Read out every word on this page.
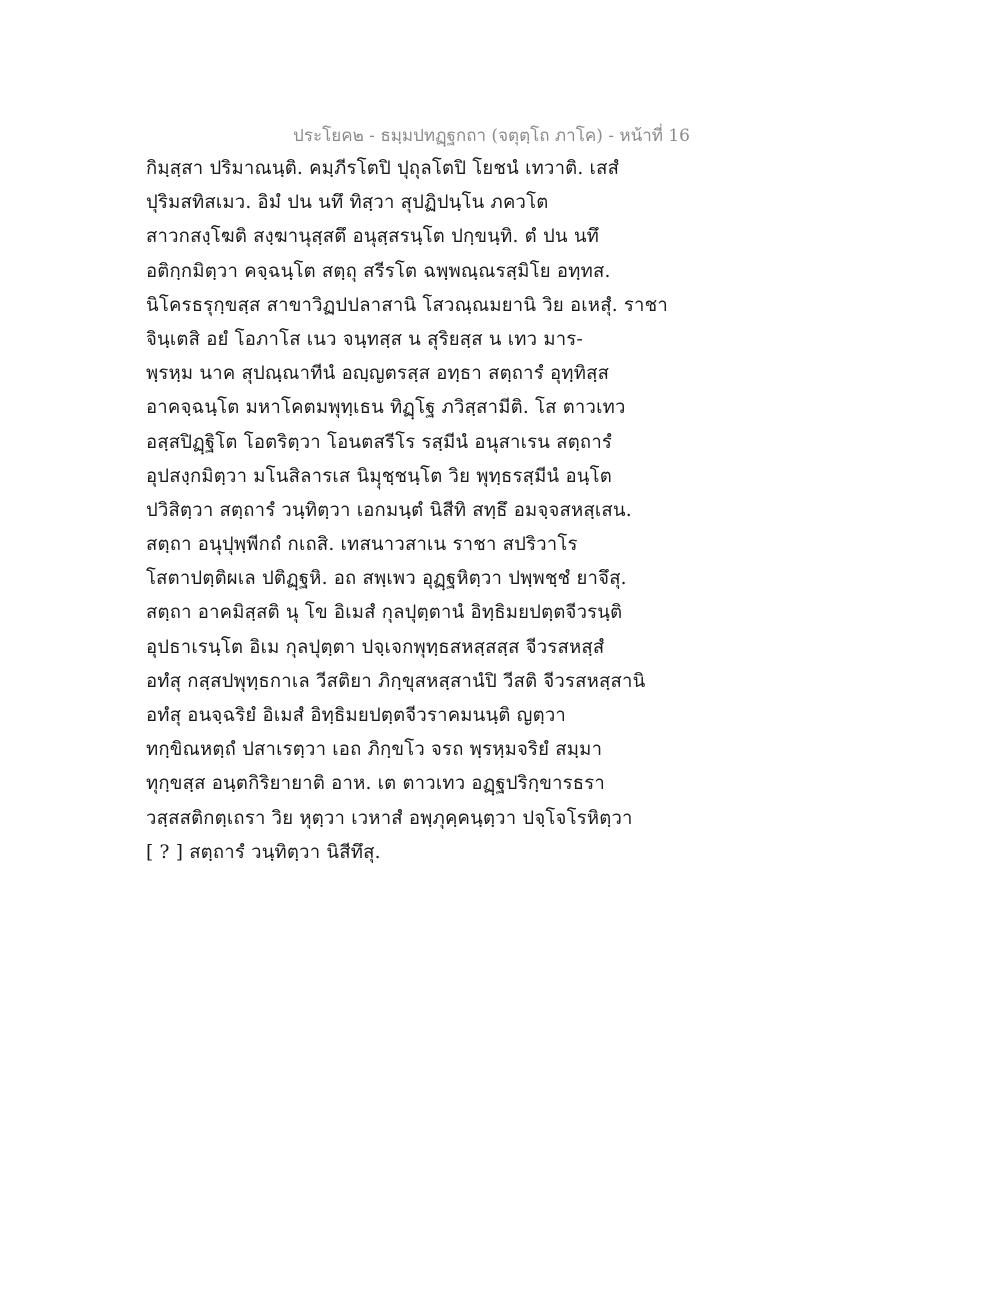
ประโยค๒ - ธมฺมปทฏฺฐกถา (จตุตฺโถ ภาโค) - หน้าที่ 16
กิมฺสฺสา ปริมาณนฺติ. คมฺภีรโตปิ ปุถุลโตปิ โยชนํ เทวาติ. เสสํ
ปุริมสทิสเมว. อิมํ ปน นทึ ทิสฺวา สุปฏิปนฺโน ภควโต
สาวกสงฺโฆติ สงฺฆานุสฺสตึ อนุสฺสรนฺโต ปกฺขนฺทิ. ตํ ปน นทึ
อติกฺกมิตฺวา คจฺฉนฺโต สตฺถุ สรีรโต ฉพฺพณฺณรสฺมิโย อทฺทส.
นิโครธรุกฺขสฺส สาขาวิฏปปลาสานิ โสวณฺณมยานิ วิย อเหสุํ. ราชา
จินฺเตสิ อยํ โอภาโส เนว จนฺทสฺส น สุริยสฺส น เทว มาร-
พฺรหฺม นาค สุปณฺณาทีนํ อญฺญตรสฺส อทฺธา สตฺถารํ อุทฺทิสฺส
อาคจฺฉนฺโต มหาโคตมพุทฺเธน ทิฏฺโฐ ภวิสฺสามีติ. โส ตาวเทว
อสฺสปิฏฺฐิโต โอตริตฺวา โอนตสรีโร รสฺมีนํ อนุสาเรน สตฺถารํ
อุปสงฺกมิตฺวา มโนสิลารเส นิมฺุชฺชนฺโต วิย พุทฺธรสฺมีนํ อนฺโต
ปวิสิตฺวา สตฺถารํ วนฺทิตฺวา เอกมนฺตํ นิสีทิ สทฺธึ อมจฺจสหสฺเสน.
สตฺถา อนุปุพฺพีกถํ กเถสิ. เทสนาวสาเน ราชา สปริวาโร
โสตาปตฺติผเล ปติฏฺฐหิ. อถ สพฺเพว อุฏฺฐหิตฺวา ปพฺพชฺชํ ยาจึสุ.
สตฺถา อาคมิสฺสติ นุ โข อิเมสํ กุลปุตฺตานํ อิทฺธิมยปตฺตจีวรนฺติ
อุปธาเรนฺโต อิเม กุลปุตฺตา ปจฺเจกพุทฺธสหสฺสสฺส จีวรสหสฺสํ
อทํสุ กสฺสปพุทฺธกาเล วีสติยา ภิกฺขุสหสฺสานํปิ วีสติ จีวรสหสฺสานิ
อทํสุ อนจฺฉริยํ อิเมสํ อิทฺธิมยปตฺตจีวราคมนนฺติ ญตฺวา
ทกฺขิณหตฺถํ ปสาเรตฺวา เอถ ภิกฺขโว จรถ พฺรหฺมจริยํ สมฺมา
ทุกฺขสฺส อนฺตกิริยายาติ อาห. เต ตาวเทว อฏฺฐปริกฺขารธรา
วสฺสสติกตฺเถรา วิย หุตฺวา เวหาสํ อพฺภุคฺคนฺตฺวา ปจฺโจโรหิตฺวา
[ ? ] สตฺถารํ วนฺทิตฺวา นิสีทึสุ.
